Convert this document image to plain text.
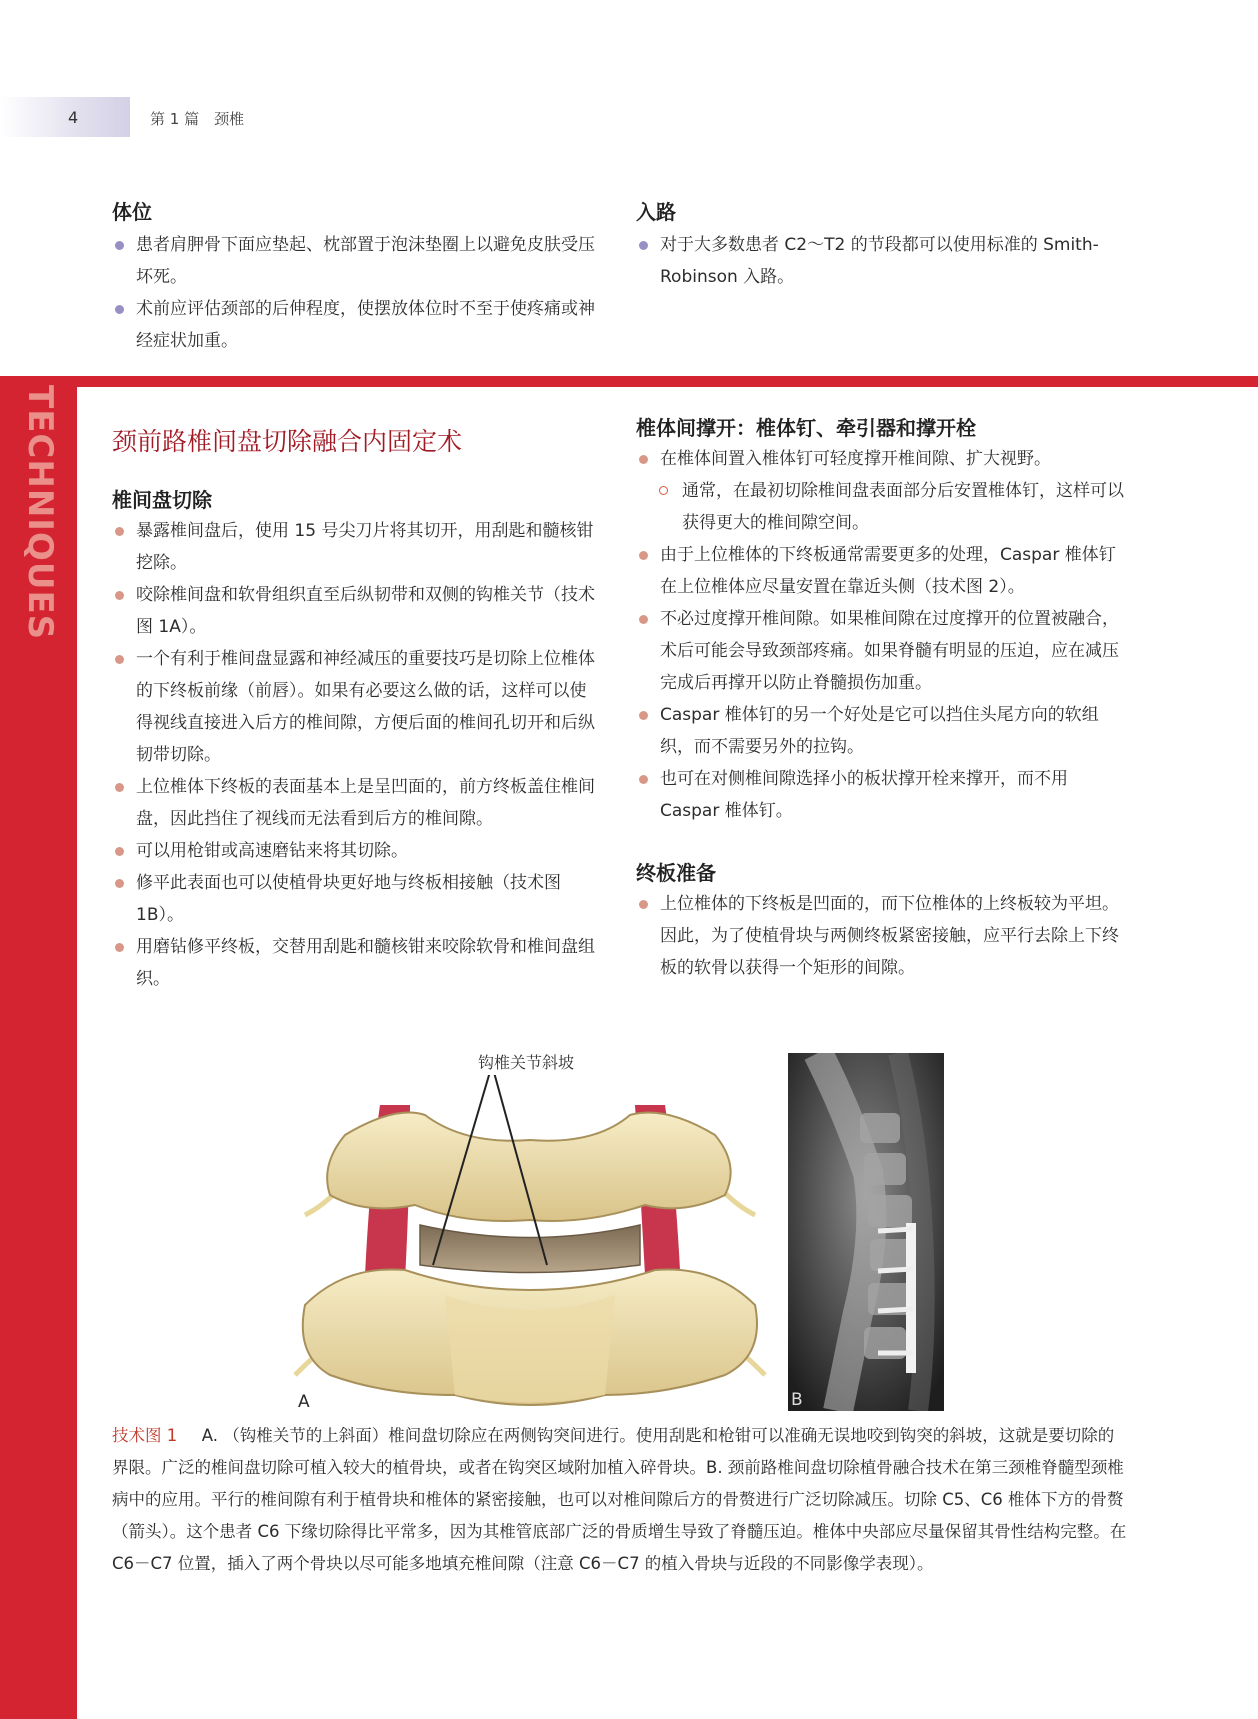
4	第 1 篇　颈椎
体位
患者肩胛骨下面应垫起、枕部置于泡沫垫圈上以避免皮肤受压坏死。
术前应评估颈部的后伸程度，使摆放体位时不至于使疼痛或神经症状加重。
入路
对于大多数患者 C2～T2 的节段都可以使用标准的 Smith-Robinson 入路。
TECHNIQUES 颈前路椎间盘切除融合内固定术
椎间盘切除
暴露椎间盘后，使用 15 号尖刀片将其切开，用刮匙和髓核钳挖除。
咬除椎间盘和软骨组织直至后纵韧带和双侧的钩椎关节（技术图 1A）。
一个有利于椎间盘显露和神经减压的重要技巧是切除上位椎体的下终板前缘（前唇）。如果有必要这么做的话，这样可以使得视线直接进入后方的椎间隙，方便后面的椎间孔切开和后纵韧带切除。
上位椎体下终板的表面基本上是呈凹面的，前方终板盖住椎间盘，因此挡住了视线而无法看到后方的椎间隙。
可以用枪钳或高速磨钻来将其切除。
修平此表面也可以使植骨块更好地与终板相接触（技术图 1B）。
用磨钻修平终板，交替用刮匙和髓核钳来咬除软骨和椎间盘组织。
椎体间撑开：椎体钉、牵引器和撑开栓
在椎体间置入椎体钉可轻度撑开椎间隙、扩大视野。
通常，在最初切除椎间盘表面部分后安置椎体钉，这样可以获得更大的椎间隙空间。
由于上位椎体的下终板通常需要更多的处理，Caspar 椎体钉在上位椎体应尽量安置在靠近头侧（技术图 2）。
不必过度撑开椎间隙。如果椎间隙在过度撑开的位置被融合，术后可能会导致颈部疼痛。如果脊髓有明显的压迫，应在减压完成后再撑开以防止脊髓损伤加重。
Caspar 椎体钉的另一个好处是它可以挡住头尾方向的软组织，而不需要另外的拉钩。
也可在对侧椎间隙选择小的板状撑开栓来撑开，而不用 Caspar 椎体钉。
终板准备
上位椎体的下终板是凹面的，而下位椎体的上终板较为平坦。因此，为了使植骨块与两侧终板紧密接触，应平行去除上下终板的软骨以获得一个矩形的间隙。
钩椎关节斜坡
A	B
技术图 1 A. （钩椎关节的上斜面）椎间盘切除应在两侧钩突间进行。使用刮匙和枪钳可以准确无误地咬到钩突的斜坡，这就是要切除的界限。广泛的椎间盘切除可植入较大的植骨块，或者在钩突区域附加植入碎骨块。B. 颈前路椎间盘切除植骨融合技术在第三颈椎脊髓型颈椎病中的应用。平行的椎间隙有利于植骨块和椎体的紧密接触，也可以对椎间隙后方的骨赘进行广泛切除减压。切除 C5、C6 椎体下方的骨赘（箭头）。这个患者 C6 下缘切除得比平常多，因为其椎管底部广泛的骨质增生导致了脊髓压迫。椎体中央部应尽量保留其骨性结构完整。在 C6－C7 位置，插入了两个骨块以尽可能多地填充椎间隙（注意 C6－C7 的植入骨块与近段的不同影像学表现）。
